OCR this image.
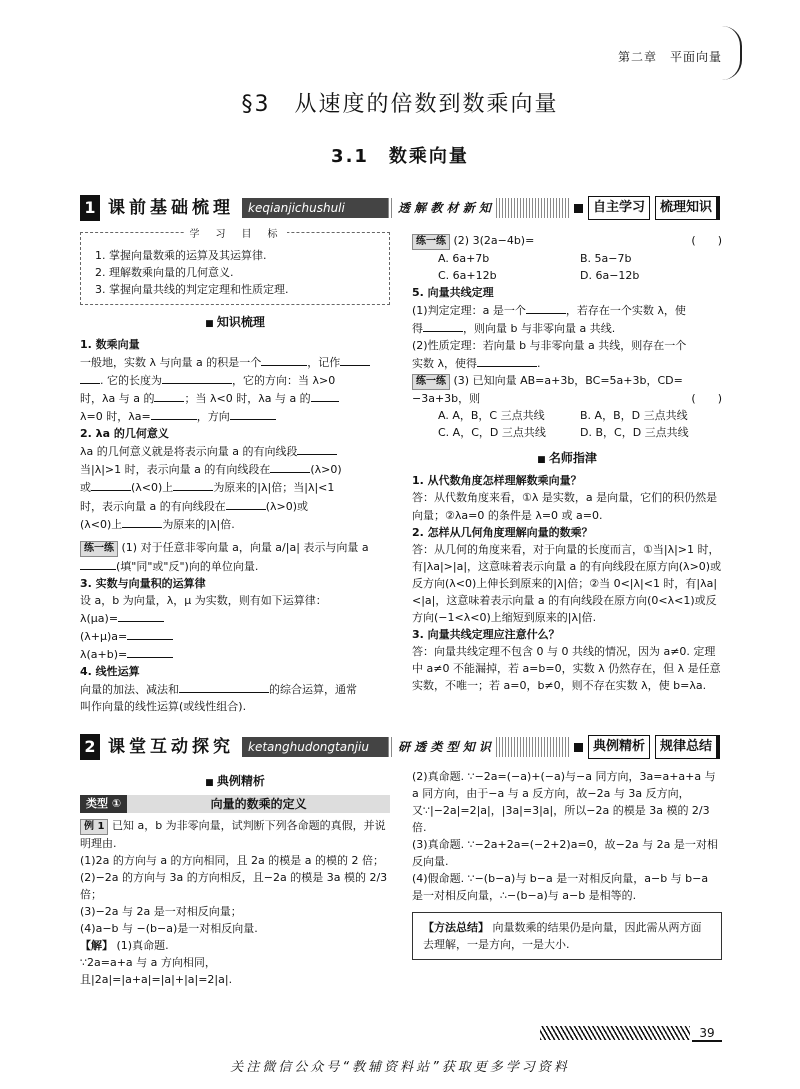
第二章　平面向量
§3　从速度的倍数到数乘向量
3.1　数乘向量
1 课前基础梳理	keqianjichushuli	透 解 教 材 新 知	自主学习	梳理知识
学　习　目　标
1. 掌握向量数乘的运算及其运算律.
2. 理解数乘向量的几何意义.
3. 掌握向量共线的判定定理和性质定理.
■ 知识梳理
1. 数乘向量
一般地，实数 λ 与向量 a 的积是一个	，记作
. 它的长度为	，它的方向：当 λ>0
时，λa 与 a 的	；当 λ<0 时，λa 与 a 的
λ=0 时，λa=	，方向
2. λa 的几何意义
λa 的几何意义就是将表示向量 a 的有向线段
当|λ|>1 时，表示向量 a 的有向线段在	(λ>0)
或	(λ<0)上	为原来的|λ|倍；当|λ|<1
时，表示向量 a 的有向线段在	(λ>0)或
(λ<0)上	为原来的|λ|倍.
练一练 (1) 对于任意非零向量 a，向量 a/|a| 表示与向量 a
(填"同"或"反")向的单位向量.
3. 实数与向量积的运算律
设 a，b 为向量，λ，μ 为实数，则有如下运算律：
λ(μa)=
(λ+μ)a=
λ(a+b)=
4. 线性运算
向量的加法、减法和	的综合运算，通常
叫作向量的线性运算(或线性组合).
练一练 (2) 3(2a−4b)=	(　　)
A. 6a+7b	B. 5a−7b
C. 6a+12b	D. 6a−12b
5. 向量共线定理
(1)判定定理：a 是一个	，若存在一个实数 λ，使
得	，则向量 b 与非零向量 a 共线.
(2)性质定理：若向量 b 与非零向量 a 共线，则存在一个
实数 λ，使得	.
练一练 (3) 已知向量 AB=a+3b，BC=5a+3b，CD=
−3a+3b，则	(　　)
A. A，B，C 三点共线	B. A，B，D 三点共线
C. A，C，D 三点共线	D. B，C，D 三点共线
■ 名师指津
1. 从代数角度怎样理解数乘向量？
答：从代数角度来看，①λ 是实数，a 是向量，它们的积仍然是向量；②λa=0 的条件是 λ=0 或 a=0.
2. 怎样从几何角度理解向量的数乘？
答：从几何的角度来看，对于向量的长度而言，①当|λ|>1 时，有|λa|>|a|，这意味着表示向量 a 的有向线段在原方向(λ>0)或反方向(λ<0)上伸长到原来的|λ|倍；②当 0<|λ|<1 时，有|λa|<|a|，这意味着表示向量 a 的有向线段在原方向(0<λ<1)或反方向(−1<λ<0)上缩短到原来的|λ|倍.
3. 向量共线定理应注意什么？
答：向量共线定理不包含 0 与 0 共线的情况，因为 a≠0. 定理中 a≠0 不能漏掉，若 a=b=0，实数 λ 仍然存在，但 λ 是任意实数，不唯一；若 a=0，b≠0，则不存在实数 λ，使 b=λa.
2 课堂互动探究	ketanghudongtanjiu	研 透 类 型 知 识	典例精析	规律总结
■ 典例精析
类型 ①	向量的数乘的定义
例 1 已知 a，b 为非零向量，试判断下列各命题的真假，并说明理由.
(1)2a 的方向与 a 的方向相同，且 2a 的模是 a 的模的 2 倍；
(2)−2a 的方向与 3a 的方向相反，且−2a 的模是 3a 模的 2/3 倍；
(3)−2a 与 2a 是一对相反向量；
(4)a−b 与 −(b−a)是一对相反向量.
【解】 (1)真命题.
∵2a=a+a 与 a 方向相同，
且|2a|=|a+a|=|a|+|a|=2|a|.
(2)真命题. ∵−2a=(−a)+(−a)与−a 同方向，3a=a+a+a 与 a 同方向，由于−a 与 a 反方向，故−2a 与 3a 反方向，
又∵|−2a|=2|a|，|3a|=3|a|，所以−2a 的模是 3a 模的 2/3 倍.
(3)真命题. ∵−2a+2a=(−2+2)a=0，故−2a 与 2a 是一对相反向量.
(4)假命题. ∵−(b−a)与 b−a 是一对相反向量，a−b 与 b−a 是一对相反向量，∴−(b−a)与 a−b 是相等的.
【方法总结】 向量数乘的结果仍是向量，因此需从两方面去理解，一是方向，一是大小.
39
关注微信公众号“教辅资料站”获取更多学习资料
